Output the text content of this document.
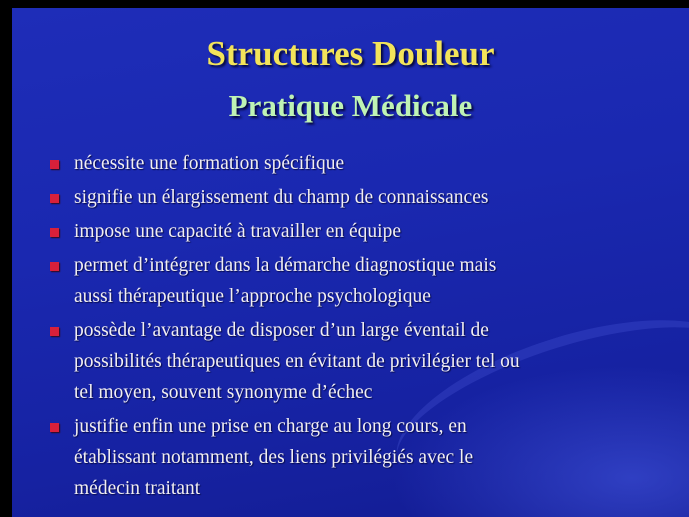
Structures Douleur
Pratique Médicale
nécessite une formation spécifique
signifie un élargissement du champ de connaissances
impose une capacité à travailler en équipe
permet d’intégrer dans la démarche diagnostique mais
aussi thérapeutique l’approche psychologique
possède l’avantage de disposer d’un large éventail de
possibilités thérapeutiques en évitant de privilégier tel ou
tel moyen, souvent synonyme d’échec
justifie enfin une prise en charge au long cours, en
établissant notamment, des liens privilégiés avec le
médecin traitant
